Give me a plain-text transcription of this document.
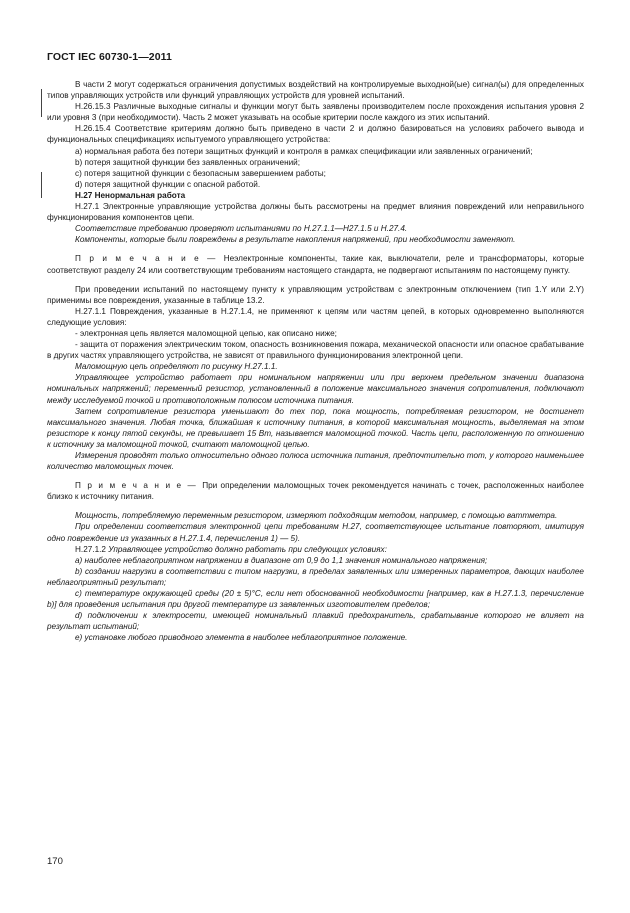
ГОСТ IEC 60730-1—2011

В части 2 могут содержаться ограничения допустимых воздействий на контролируемые выходной(ые) сигнал(ы) для определенных типов управляющих устройств или функций управляющих устройств для уровней испытаний.

H.26.15.3 Различные выходные сигналы и функции могут быть заявлены производителем после прохождения испытания уровня 2 или уровня 3 (при необходимости). Часть 2 может указывать на особые критерии после каждого из этих испытаний.

H.26.15.4 Соответствие критериям должно быть приведено в части 2 и должно базироваться на условиях рабочего вывода и функциональных спецификациях испытуемого управляющего устройства:

а) нормальная работа без потери защитных функций и контроля в рамках спецификации или заявленных ограничений;

b) потеря защитной функции без заявленных ограничений;

c) потеря защитной функции с безопасным завершением работы;

d) потеря защитной функции с опасной работой.

H.27 Ненормальная работа

H.27.1 Электронные управляющие устройства должны быть рассмотрены на предмет влияния повреждений или неправильного функционирования компонентов цепи.

Соответствие требованию проверяют испытаниями по H.27.1.1—H27.1.5 и H.27.4.

Компоненты, которые были повреждены в результате накопления напряжений, при необходимости заменяют.

П р и м е ч а н и е — Неэлектронные компоненты, такие как, выключатели, реле и трансформаторы, которые соответствуют разделу 24 или соответствующим требованиям настоящего стандарта, не подвергают испытаниям по настоящему пункту.

При проведении испытаний по настоящему пункту к управляющим устройствам с электронным отключением (тип 1.Y или 2.Y) применимы все повреждения, указанные в таблице 13.2.

H.27.1.1 Повреждения, указанные в H.27.1.4, не применяют к цепям или частям цепей, в которых одновременно выполняются следующие условия:

- электронная цепь является маломощной цепью, как описано ниже;

- защита от поражения электрическим током, опасность возникновения пожара, механической опасности или опасное срабатывание в других частях управляющего устройства, не зависят от правильного функционирования электронной цепи.

Маломощную цепь определяют по рисунку H.27.1.1.

Управляющее устройство работает при номинальном напряжении или при верхнем предельном значении диапазона номинальных напряжений; переменный резистор, установленный в положение максимального значения сопротивления, подключают между исследуемой точкой и противоположным полюсом источника питания.

Затем сопротивление резистора уменьшают до тех пор, пока мощность, потребляемая резистором, не достигнет максимального значения. Любая точка, ближайшая к источнику питания, в которой максимальная мощность, выделяемая на этом резисторе к концу пятой секунды, не превышает 15 Вт, называется маломощной точкой. Часть цепи, расположенную по отношению к источнику за маломощной точкой, считают маломощной цепью.

Измерения проводят только относительно одного полюса источника питания, предпочтительно тот, у которого наименьшее количество маломощных точек.

П р и м е ч а н и е — При определении маломощных точек рекомендуется начинать с точек, расположенных наиболее близко к источнику питания.

Мощность, потребляемую переменным резистором, измеряют подходящим методом, например, с помощью ваттметра.

При определении соответствия электронной цепи требованиям H.27, соответствующее испытание повторяют, имитируя одно повреждение из указанных в H.27.1.4, перечисления 1) — 5).

H.27.1.2 Управляющее устройство должно работать при следующих условиях:

а) наиболее неблагоприятном напряжении в диапазоне от 0,9 до 1,1 значения номинального напряжения;

b) создании нагрузки в соответствии с типом нагрузки, в пределах заявленных или измеренных параметров, дающих наиболее неблагоприятный результат;

c) температуре окружающей среды (20 ± 5)°С, если нет обоснованной необходимости [например, как в H.27.1.3, перечисление b)] для проведения испытания при другой температуре из заявленных изготовителем пределов;

d) подключении к электросети, имеющей номинальный плавкий предохранитель, срабатывание которого не влияет на результат испытаний;

e) установке любого приводного элемента в наиболее неблагоприятное положение.

170
